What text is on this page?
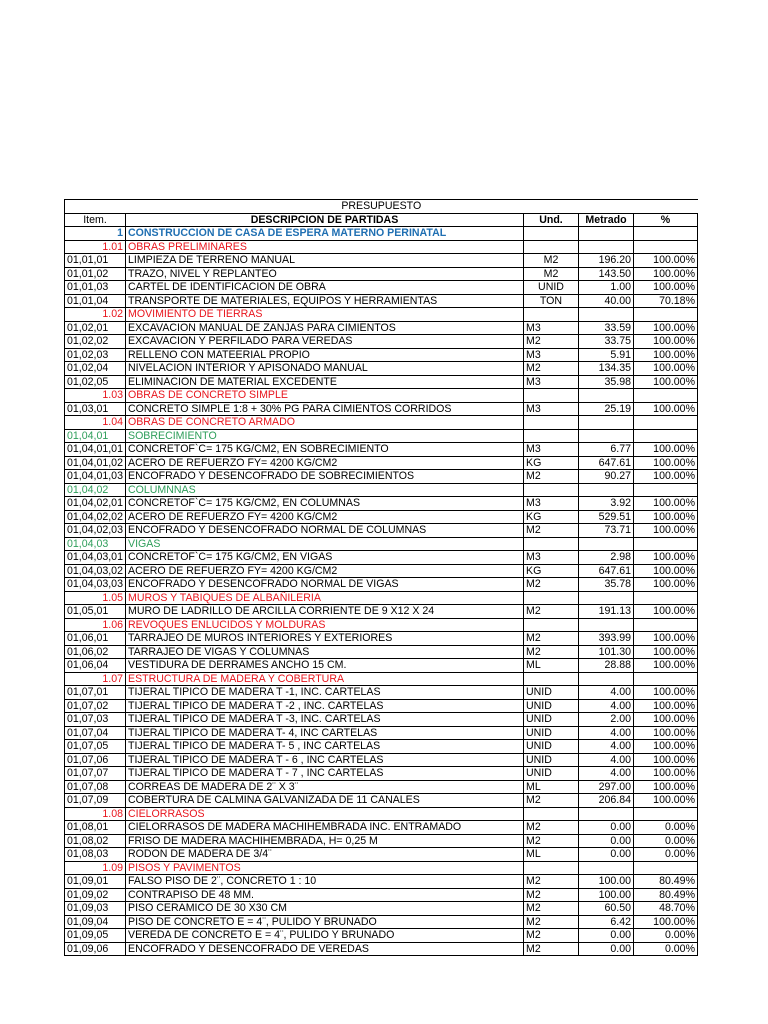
PRESUPUESTO				
Item.	DESCRIPCION DE PARTIDAS	Und.	Metrado	%
1	CONSTRUCCION DE CASA DE ESPERA MATERNO PERINATAL			
1.01	OBRAS PRELIMINARES			
01,01,01	LIMPIEZA DE TERRENO MANUAL	M2	196.20	100.00%
01,01,02	TRAZO, NIVEL Y REPLANTEO	M2	143.50	100.00%
01,01,03	CARTEL DE IDENTIFICACION DE OBRA	UNID	1.00	100.00%
01,01,04	TRANSPORTE DE MATERIALES, EQUIPOS Y HERRAMIENTAS	TON	40.00	70.18%
1.02	MOVIMIENTO DE TIERRAS			
01,02,01	EXCAVACION MANUAL DE ZANJAS PARA CIMIENTOS	M3	33.59	100.00%
01,02,02	EXCAVACION Y PERFILADO PARA VEREDAS	M2	33.75	100.00%
01,02,03	RELLENO CON MATEERIAL PROPIO	M3	5.91	100.00%
01,02,04	NIVELACION INTERIOR Y APISONADO MANUAL	M2	134.35	100.00%
01,02,05	ELIMINACION DE MATERIAL EXCEDENTE	M3	35.98	100.00%
1.03	OBRAS DE CONCRETO SIMPLE			
01,03,01	CONCRETO SIMPLE 1:8 + 30% PG PARA CIMIENTOS CORRIDOS	M3	25.19	100.00%
1.04	OBRAS DE CONCRETO ARMADO			
01,04,01	SOBRECIMIENTO			
01,04,01,01	CONCRETOF`C= 175 KG/CM2, EN SOBRECIMIENTO	M3	6.77	100.00%
01,04,01,02	ACERO DE REFUERZO FY= 4200 KG/CM2	KG	647.61	100.00%
01,04,01,03	ENCOFRADO Y DESENCOFRADO DE SOBRECIMIENTOS	M2	90.27	100.00%
01,04,02	COLUMNNAS			
01,04,02,01	CONCRETOF`C= 175 KG/CM2, EN COLUMNAS	M3	3.92	100.00%
01,04,02,02	ACERO DE REFUERZO FY= 4200 KG/CM2	KG	529.51	100.00%
01,04,02,03	ENCOFRADO Y DESENCOFRADO NORMAL DE COLUMNAS	M2	73.71	100.00%
01,04,03	VIGAS			
01,04,03,01	CONCRETOF`C= 175 KG/CM2, EN VIGAS	M3	2.98	100.00%
01,04,03,02	ACERO DE REFUERZO FY= 4200 KG/CM2	KG	647.61	100.00%
01,04,03,03	ENCOFRADO Y DESENCOFRADO NORMAL DE VIGAS	M2	35.78	100.00%
1.05	MUROS Y TABIQUES DE ALBAÑILERIA			
01,05,01	MURO DE LADRILLO DE ARCILLA CORRIENTE DE 9 X12 X 24	M2	191.13	100.00%
1.06	REVOQUES ENLUCIDOS Y MOLDURAS			
01,06,01	TARRAJEO DE MUROS INTERIORES Y EXTERIORES	M2	393.99	100.00%
01,06,02	TARRAJEO DE VIGAS Y COLUMNAS	M2	101.30	100.00%
01,06,04	VESTIDURA DE DERRAMES ANCHO 15 CM.	ML	28.88	100.00%
1.07	ESTRUCTURA DE MADERA Y COBERTURA			
01,07,01	TIJERAL TIPICO DE MADERA T -1, INC. CARTELAS	UNID	4.00	100.00%
01,07,02	TIJERAL TIPICO DE MADERA T -2 , INC. CARTELAS	UNID	4.00	100.00%
01,07,03	TIJERAL TIPICO DE MADERA T -3, INC. CARTELAS	UNID	2.00	100.00%
01,07,04	TIJERAL TIPICO DE MADERA T- 4, INC CARTELAS	UNID	4.00	100.00%
01,07,05	TIJERAL TIPICO DE MADERA T- 5 , INC CARTELAS	UNID	4.00	100.00%
01,07,06	TIJERAL TIPICO DE MADERA T - 6 , INC CARTELAS	UNID	4.00	100.00%
01,07,07	TIJERAL TIPICO DE MADERA T - 7 , INC CARTELAS	UNID	4.00	100.00%
01,07,08	CORREAS DE MADERA DE 2¨ X 3¨	ML	297.00	100.00%
01,07,09	COBERTURA DE CALMINA GALVANIZADA DE 11 CANALES	M2	206.84	100.00%
1.08	CIELORRASOS			
01,08,01	CIELORRASOS DE MADERA MACHIHEMBRADA INC. ENTRAMADO	M2	0.00	0.00%
01,08,02	FRISO DE MADERA MACHIHEMBRADA, H= 0,25 M	M2	0.00	0.00%
01,08,03	RODON DE MADERA DE 3/4¨	ML	0.00	0.00%
1.09	PISOS Y PAVIMENTOS			
01,09,01	FALSO PISO DE 2¨, CONCRETO 1 : 10	M2	100.00	80.49%
01,09,02	CONTRAPISO DE 48 MM.	M2	100.00	80.49%
01,09,03	PISO CERAMICO DE 30 X30 CM	M2	60.50	48.70%
01,09,04	PISO DE CONCRETO E = 4¨, PULIDO Y BRUNADO	M2	6.42	100.00%
01,09,05	VEREDA DE CONCRETO E = 4¨, PULIDO Y BRUNADO	M2	0.00	0.00%
01,09,06	ENCOFRADO Y DESENCOFRADO DE VEREDAS	M2	0.00	0.00%
